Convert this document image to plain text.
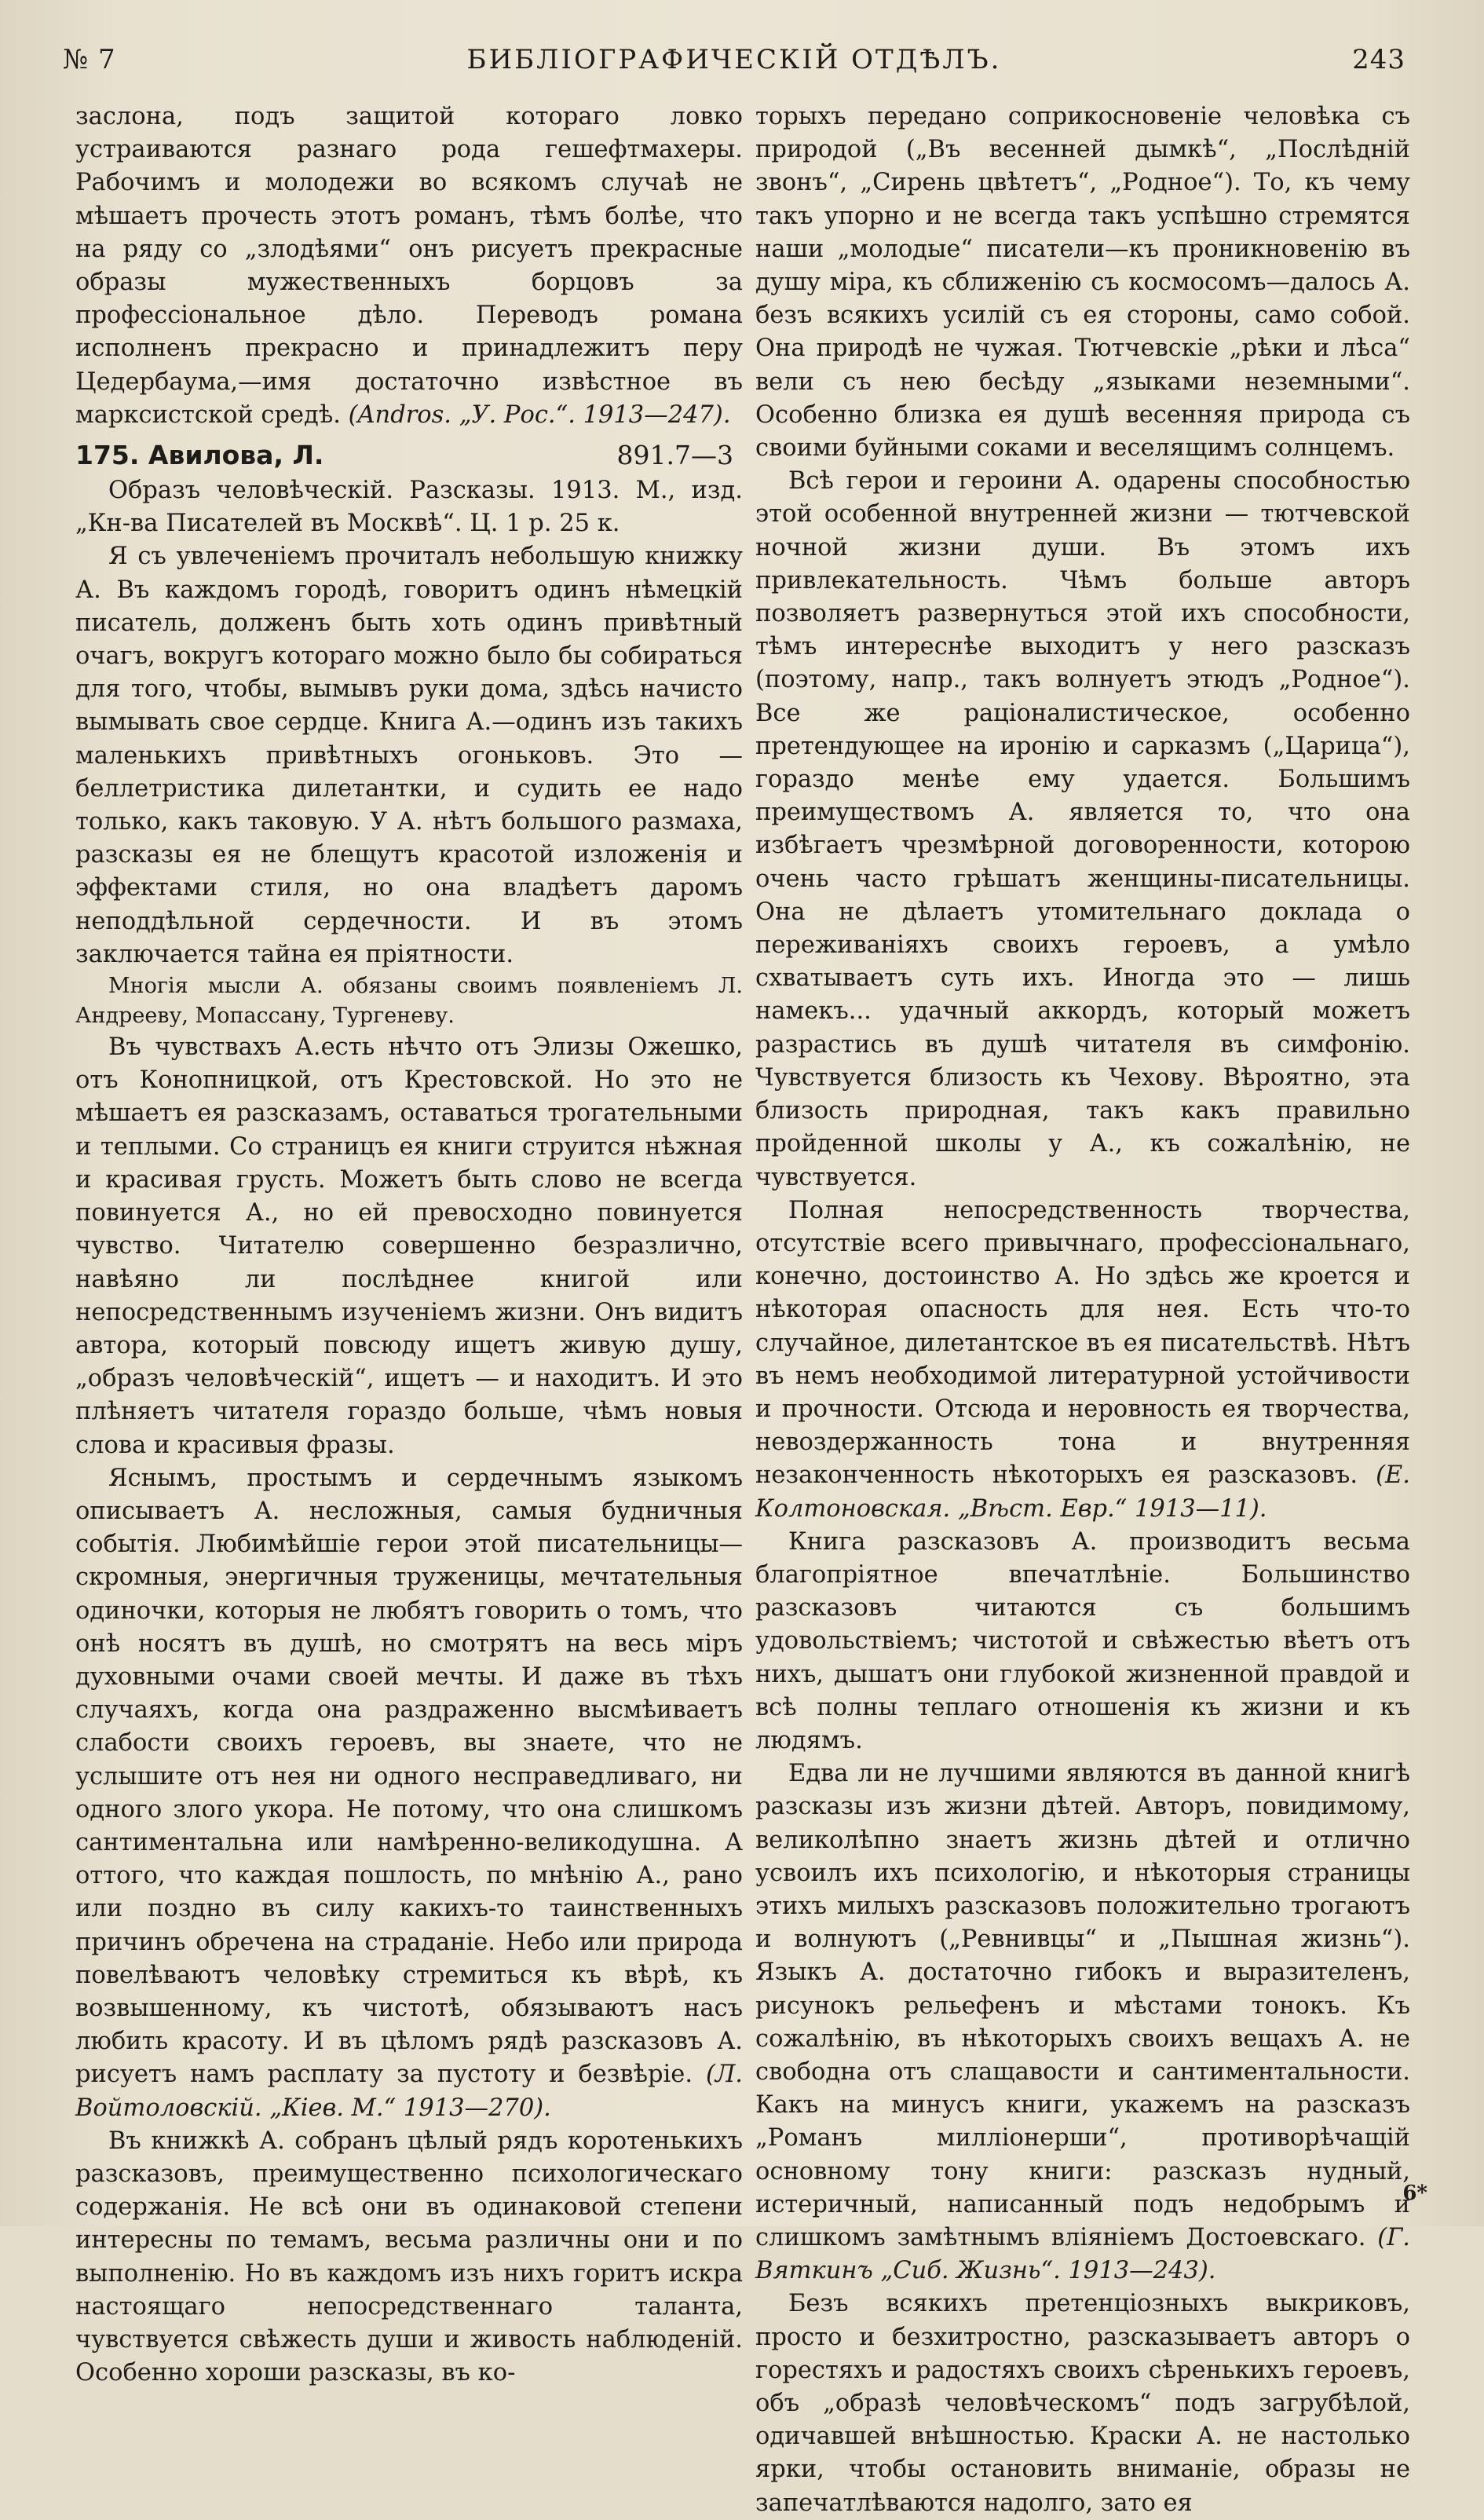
№ 7	БИБЛІОГРАФИЧЕСКІЙ ОТДѢЛЪ.	243

заслона, подъ защитой котораго ловко устраиваются разнаго рода гешефтмахеры. Рабочимъ и молодежи во всякомъ случаѣ не мѣшаетъ прочесть этотъ романъ, тѣмъ болѣе, что на ряду со „злодѣями“ онъ рисуетъ прекрасные образы мужественныхъ борцовъ за профессіональное дѣло. Переводъ романа исполненъ прекрасно и принадлежитъ перу Цедербаума,—имя достаточно извѣстное въ марксистской средѣ. (Andros. „У. Рос.“. 1913—247).

175. Авилова, Л.	891.7—3

Образъ человѣческій. Разсказы. 1913. М., изд. „Кн-ва Писателей въ Москвѣ“. Ц. 1 р. 25 к.

Я съ увлеченіемъ прочиталъ небольшую книжку А. Въ каждомъ городѣ, говоритъ одинъ нѣмецкій писатель, долженъ быть хоть одинъ привѣтный очагъ, вокругъ котораго можно было бы собираться для того, чтобы, вымывъ руки дома, здѣсь начисто вымывать свое сердце. Книга А.—одинъ изъ такихъ маленькихъ привѣтныхъ огоньковъ. Это — беллетристика дилетантки, и судить ее надо только, какъ таковую. У А. нѣтъ большого размаха, разсказы ея не блещутъ красотой изложенія и эффектами стиля, но она владѣетъ даромъ неподдѣльной сердечности. И въ этомъ заключается тайна ея пріятности.

Многія мысли А. обязаны своимъ появленіемъ Л. Андрееву, Мопассану, Тургеневу.

Въ чувствахъ А.есть нѣчто отъ Элизы Ожешко, отъ Конопницкой, отъ Крестовской. Но это не мѣшаетъ ея разсказамъ, оставаться трогательными и теплыми. Со страницъ ея книги струится нѣжная и красивая грусть. Можетъ быть слово не всегда повинуется А., но ей превосходно повинуется чувство. Читателю совершенно безразлично, навѣяно ли послѣднее книгой или непосредственнымъ изученіемъ жизни. Онъ видитъ автора, который повсюду ищетъ живую душу, „образъ человѣческій“, ищетъ — и находитъ. И это плѣняетъ читателя гораздо больше, чѣмъ новыя слова и красивыя фразы.

Яснымъ, простымъ и сердечнымъ языкомъ описываетъ А. несложныя, самыя будничныя событія. Любимѣйшіе герои этой писательницы—скромныя, энергичныя труженицы, мечтательныя одиночки, которыя не любятъ говорить о томъ, что онѣ носятъ въ душѣ, но смотрятъ на весь міръ духовными очами своей мечты. И даже въ тѣхъ случаяхъ, когда она раздраженно высмѣиваетъ слабости своихъ героевъ, вы знаете, что не услышите отъ нея ни одного несправедливаго, ни одного злого укора. Не потому, что она слишкомъ сантиментальна или намѣренно-великодушна. А оттого, что каждая пошлость, по мнѣнію А., рано или поздно въ силу какихъ-то таинственныхъ причинъ обречена на страданіе. Небо или природа повелѣваютъ человѣку стремиться къ вѣрѣ, къ возвышенному, къ чистотѣ, обязываютъ насъ любить красоту. И въ цѣломъ рядѣ разсказовъ А. рисуетъ намъ расплату за пустоту и безвѣріе. (Л. Войтоловскій. „Кіев. М.“ 1913—270).

Въ книжкѣ А. собранъ цѣлый рядъ коротенькихъ разсказовъ, преимущественно психологическаго содержанія. Не всѣ они въ одинаковой степени интересны по темамъ, весьма различны они и по выполненію. Но въ каждомъ изъ нихъ горитъ искра настоящаго непосредственнаго таланта, чувствуется свѣжесть души и живость наблюденій. Особенно хороши разсказы, въ ко-

торыхъ передано соприкосновеніе человѣка съ природой („Въ весенней дымкѣ“, „Послѣдній звонъ“, „Сирень цвѣтетъ“, „Родное“). То, къ чему такъ упорно и не всегда такъ успѣшно стремятся наши „молодые“ писатели—къ проникновенію въ душу міра, къ сближенію съ космосомъ—далось А. безъ всякихъ усилій съ ея стороны, само собой. Она природѣ не чужая. Тютчевскіе „рѣки и лѣса“ вели съ нею бесѣду „языками неземными“. Особенно близка ея душѣ весенняя природа съ своими буйными соками и веселящимъ солнцемъ.

Всѣ герои и героини А. одарены способностью этой особенной внутренней жизни — тютчевской ночной жизни души. Въ этомъ ихъ привлекательность. Чѣмъ больше авторъ позволяетъ развернуться этой ихъ способности, тѣмъ интереснѣе выходитъ у него разсказъ (поэтому, напр., такъ волнуетъ этюдъ „Родное“). Все же раціоналистическое, особенно претендующее на иронію и сарказмъ („Царица“), гораздо менѣе ему удается. Большимъ преимуществомъ А. является то, что она избѣгаетъ чрезмѣрной договоренности, которою очень часто грѣшатъ женщины-писательницы. Она не дѣлаетъ утомительнаго доклада о переживаніяхъ своихъ героевъ, а умѣло схватываетъ суть ихъ. Иногда это — лишь намекъ... удачный аккордъ, который можетъ разрастись въ душѣ читателя въ симфонію. Чувствуется близость къ Чехову. Вѣроятно, эта близость природная, такъ какъ правильно пройденной школы у А., къ сожалѣнію, не чувствуется.

Полная непосредственность творчества, отсутствіе всего привычнаго, профессіональнаго, конечно, достоинство А. Но здѣсь же кроется и нѣкоторая опасность для нея. Есть что-то случайное, дилетантское въ ея писательствѣ. Нѣтъ въ немъ необходимой литературной устойчивости и прочности. Отсюда и неровность ея творчества, невоздержанность тона и внутренняя незаконченность нѣкоторыхъ ея разсказовъ. (Е. Колтоновская. „Вѣст. Евр.“ 1913—11).

Книга разсказовъ А. производитъ весьма благопріятное впечатлѣніе. Большинство разсказовъ читаются съ большимъ удовольствіемъ; чистотой и свѣжестью вѣетъ отъ нихъ, дышатъ они глубокой жизненной правдой и всѣ полны теплаго отношенія къ жизни и къ людямъ.

Едва ли не лучшими являются въ данной книгѣ разсказы изъ жизни дѣтей. Авторъ, повидимому, великолѣпно знаетъ жизнь дѣтей и отлично усвоилъ ихъ психологію, и нѣкоторыя страницы этихъ милыхъ разсказовъ положительно трогаютъ и волнуютъ („Ревнивцы“ и „Пышная жизнь“). Языкъ А. достаточно гибокъ и выразителенъ, рисунокъ рельефенъ и мѣстами тонокъ. Къ сожалѣнію, въ нѣкоторыхъ своихъ вещахъ А. не свободна отъ слащавости и сантиментальности. Какъ на минусъ книги, укажемъ на разсказъ „Романъ милліонерши“, противорѣчащій основному тону книги: разсказъ нудный, истеричный, написанный подъ недобрымъ и слишкомъ замѣтнымъ вліяніемъ Достоевскаго. (Г. Вяткинъ „Сиб. Жизнь“. 1913—243).

Безъ всякихъ претенціозныхъ выкриковъ, просто и безхитростно, разсказываетъ авторъ о горестяхъ и радостяхъ своихъ сѣренькихъ героевъ, объ „образѣ человѣческомъ“ подъ загрубѣлой, одичавшей внѣшностью. Краски А. не настолько ярки, чтобы остановить вниманіе, образы не запечатлѣваются надолго, зато ея

6*
